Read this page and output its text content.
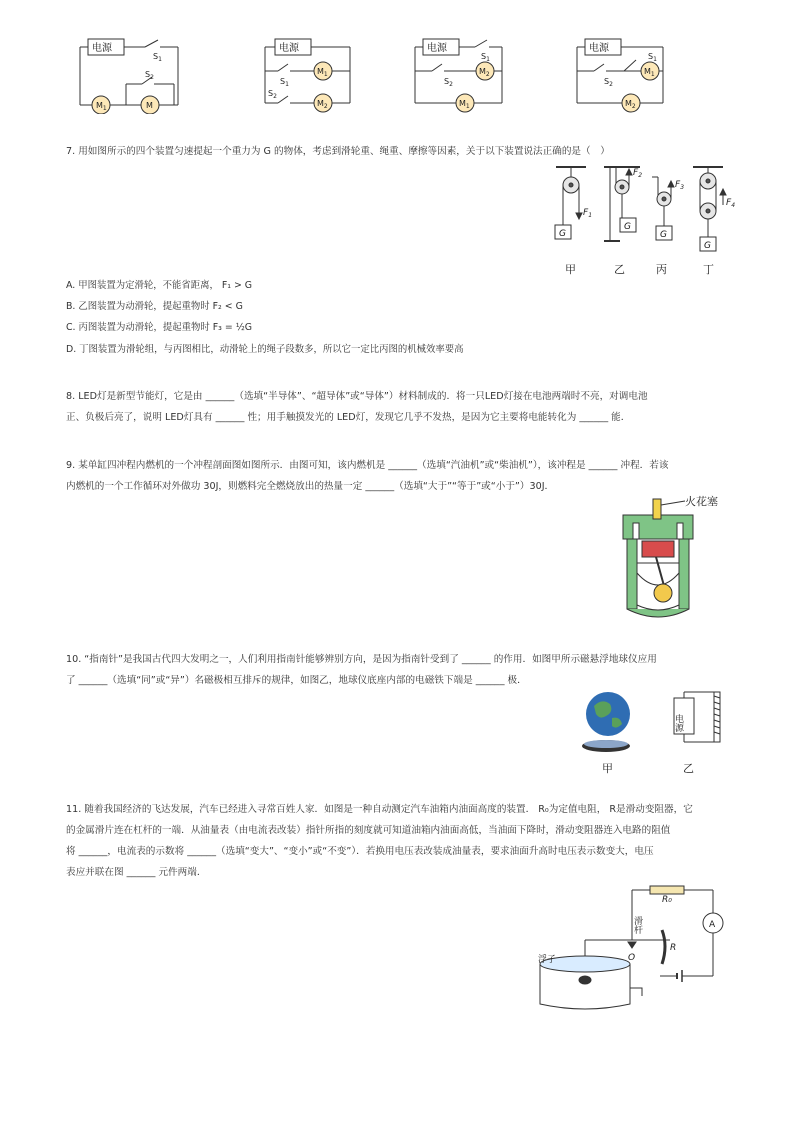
电源	电源	电源	电源
$S_1$
$S_2$
$M_1$	M
$S_1$
$S_2$
$M_1$
$M_2$
$S_1$
$S_2$
$M_2$
$M_1$
$S_1$
$S_2$
$M_1$
$M_2$
7. 用如图所示的四个装置匀速提起一个重力为 G 的物体，考虑到滑轮重、绳重、摩擦等因素，关于以下装置说法正确的是（　）
G
G
G
G
$F_1$
$F_2$
$F_3$
$F_4$
甲	乙	丙	丁
A. 甲图装置为定滑轮，不能省距离， F₁ > G
B. 乙图装置为动滑轮，提起重物时 F₂ < G
C. 丙图装置为动滑轮，提起重物时 F₃ = ½G
D. 丁图装置为滑轮组，与丙图相比，动滑轮上的绳子段数多，所以它一定比丙图的机械效率要高
8. LED灯是新型节能灯，它是由 ______（选填“半导体”、“超导体”或“导体”）材料制成的．将一只LED灯接在电池两端时不亮，对调电池
正、负极后亮了，说明 LED灯具有 ______ 性；用手触摸发光的 LED灯，发现它几乎不发热，是因为它主要将电能转化为 ______ 能．
9. 某单缸四冲程内燃机的一个冲程剖面图如图所示．由图可知，该内燃机是 ______（选填“汽油机”或“柴油机”），该冲程是 ______ 冲程．若该
内燃机的一个工作循环对外做功 30J，则燃料完全燃烧放出的热量一定 ______（选填“大于”“等于”或“小于”）30J．
火花塞
10. “指南针”是我国古代四大发明之一，人们利用指南针能够辨别方向，是因为指南针受到了 ______ 的作用．如图甲所示磁悬浮地球仪应用
了 ______（选填“同”或“异”）名磁极相互排斥的规律，如图乙，地球仪底座内部的电磁铁下端是 ______ 极．
电源
甲	乙
11. 随着我国经济的飞达发展，汽车已经进入寻常百姓人家．如图是一种自动测定汽车油箱内油面高度的装置． R₀为定值电阻， R是滑动变阻器，它
的金属滑片连在杠杆的一端．从油量表（由电流表改装）指针所指的刻度就可知道油箱内油面高低，当油面下降时，滑动变阻器连入电路的阻值
将 ______，电流表的示数将 ______（选填“变大”、“变小”或“不变”）．若换用电压表改装成油量表，要求油面升高时电压表示数变大，电压
表应并联在图 ______ 元件两端．
R₀
A
R
浮子
滑杆
O
